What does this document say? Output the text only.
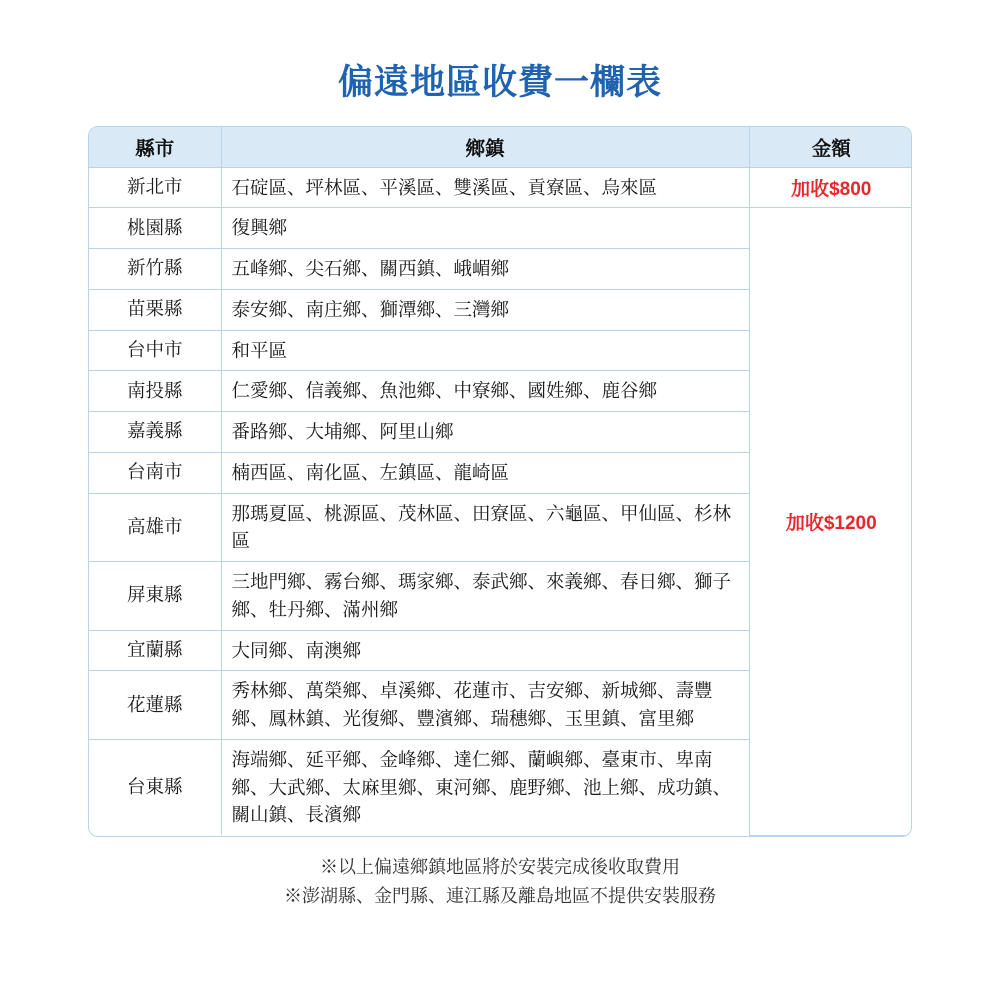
偏遠地區收費一欄表
縣市	鄉鎮	金額
新北市	石碇區、坪林區、平溪區、雙溪區、貢寮區、烏來區	加收$800
桃園縣	復興鄉	加收$1200
新竹縣	五峰鄉、尖石鄉、關西鎮、峨嵋鄉	
苗栗縣	泰安鄉、南庄鄉、獅潭鄉、三灣鄉	
台中市	和平區	
南投縣	仁愛鄉、信義鄉、魚池鄉、中寮鄉、國姓鄉、鹿谷鄉	
嘉義縣	番路鄉、大埔鄉、阿里山鄉	
台南市	楠西區、南化區、左鎮區、龍崎區	
高雄市	那瑪夏區、桃源區、茂林區、田寮區、六龜區、甲仙區、杉林區	
屏東縣	三地門鄉、霧台鄉、瑪家鄉、泰武鄉、來義鄉、春日鄉、獅子鄉、牡丹鄉、滿州鄉	
宜蘭縣	大同鄉、南澳鄉	
花蓮縣	秀林鄉、萬榮鄉、卓溪鄉、花蓮市、吉安鄉、新城鄉、壽豐鄉、鳳林鎮、光復鄉、豐濱鄉、瑞穗鄉、玉里鎮、富里鄉	
台東縣	海端鄉、延平鄉、金峰鄉、達仁鄉、蘭嶼鄉、臺東市、卑南鄉、大武鄉、太麻里鄉、東河鄉、鹿野鄉、池上鄉、成功鎮、關山鎮、長濱鄉	
※以上偏遠鄉鎮地區將於安裝完成後收取費用
※澎湖縣、金門縣、連江縣及離島地區不提供安裝服務
